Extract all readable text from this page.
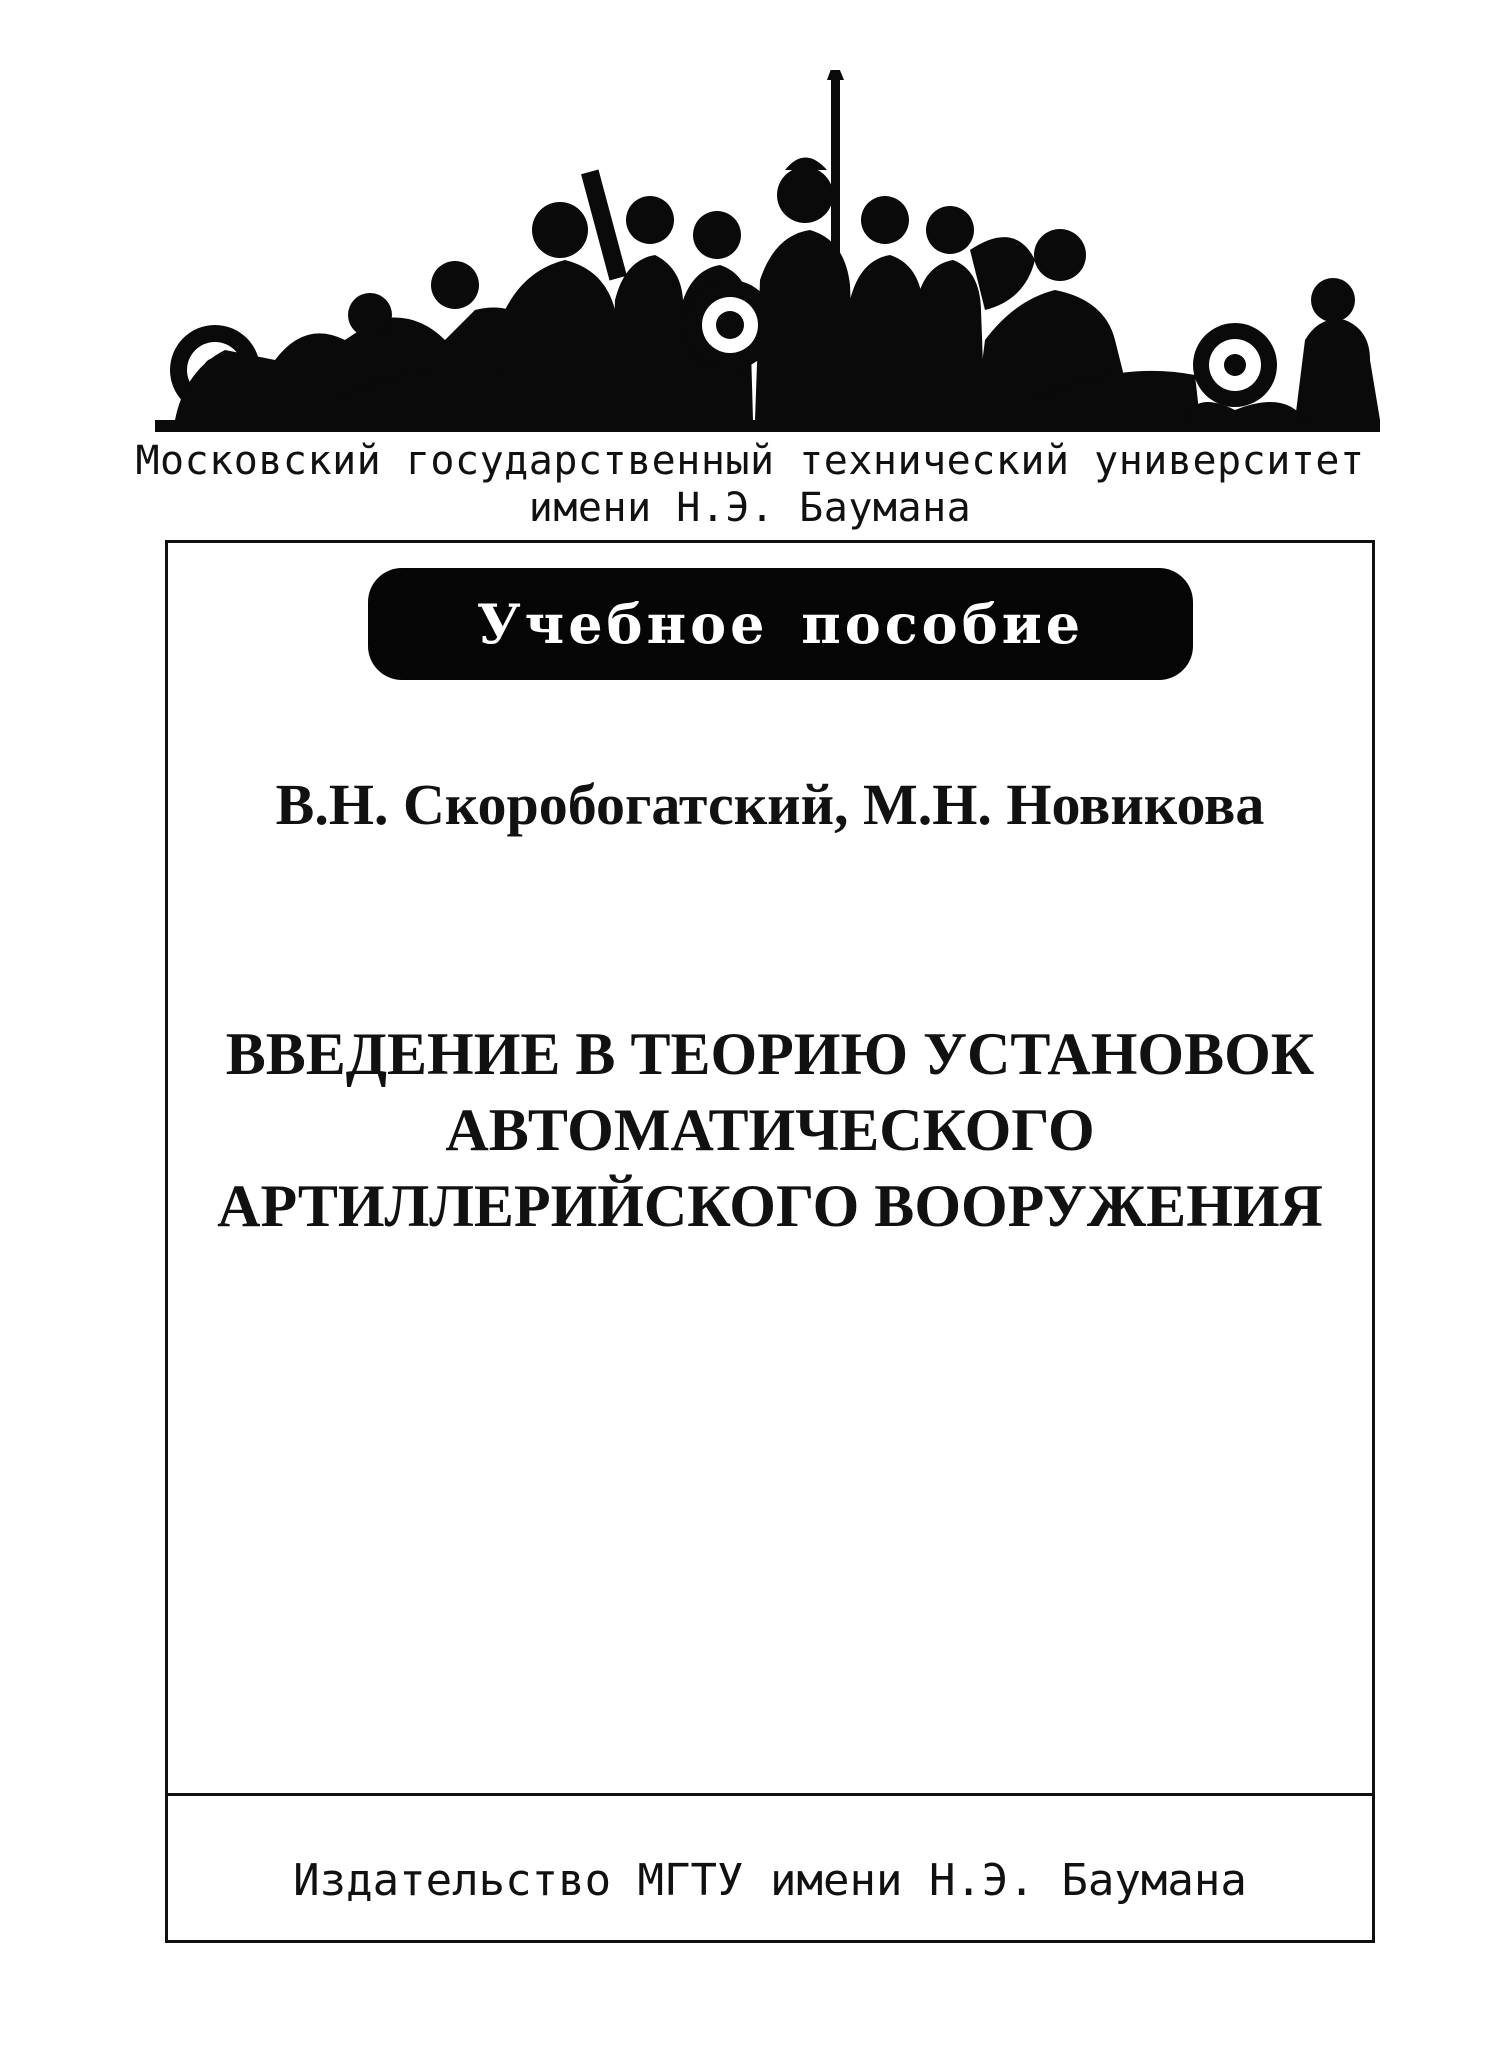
Московский государственный технический университет
имени Н.Э. Баумана
Учебное пособие
В.Н. Скоробогатский, М.Н. Новикова
ВВЕДЕНИЕ В ТЕОРИЮ УСТАНОВОК
АВТОМАТИЧЕСКОГО
АРТИЛЛЕРИЙСКОГО ВООРУЖЕНИЯ
Издательство МГТУ имени Н.Э. Баумана
